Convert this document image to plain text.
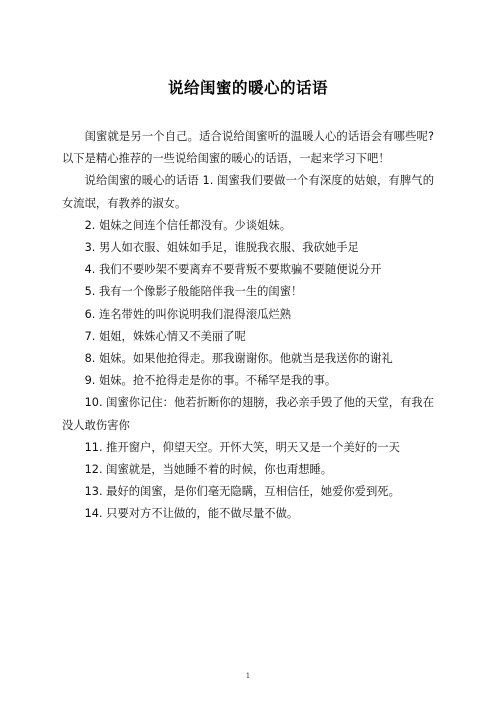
说给闺蜜的暖心的话语

闺蜜就是另一个自己。适合说给闺蜜听的温暖人心的话语会有哪些呢?以下是精心推荐的一些说给闺蜜的暖心的话语，一起来学习下吧！

说给闺蜜的暖心的话语 1. 闺蜜我们要做一个有深度的姑娘，有脾气的女流氓，有教养的淑女。

2. 姐妹之间连个信任都没有。少谈姐妹。

3. 男人如衣服、姐妹如手足，谁脱我衣服、我砍她手足

4. 我们不要吵架不要离弃不要背叛不要欺骗不要随便说分开

5. 我有一个像影子般能陪伴我一生的闺蜜！

6. 连名带姓的叫你说明我们混得滚瓜烂熟

7. 姐姐，姝姝心情又不美丽了呢

8. 姐妹。如果他抢得走。那我谢谢你。他就当是我送你的谢礼

9. 姐妹。抢不抢得走是你的事。不稀罕是我的事。

10. 闺蜜你记住：他若折断你的翅膀，我必亲手毁了他的天堂，有我在没人敢伤害你

11. 推开窗户，仰望天空。开怀大笑，明天又是一个美好的一天

12. 闺蜜就是，当她睡不着的时候，你也甭想睡。

13. 最好的闺蜜，是你们毫无隐瞒，互相信任，她爱你爱到死。

14. 只要对方不让做的，能不做尽量不做。

1
